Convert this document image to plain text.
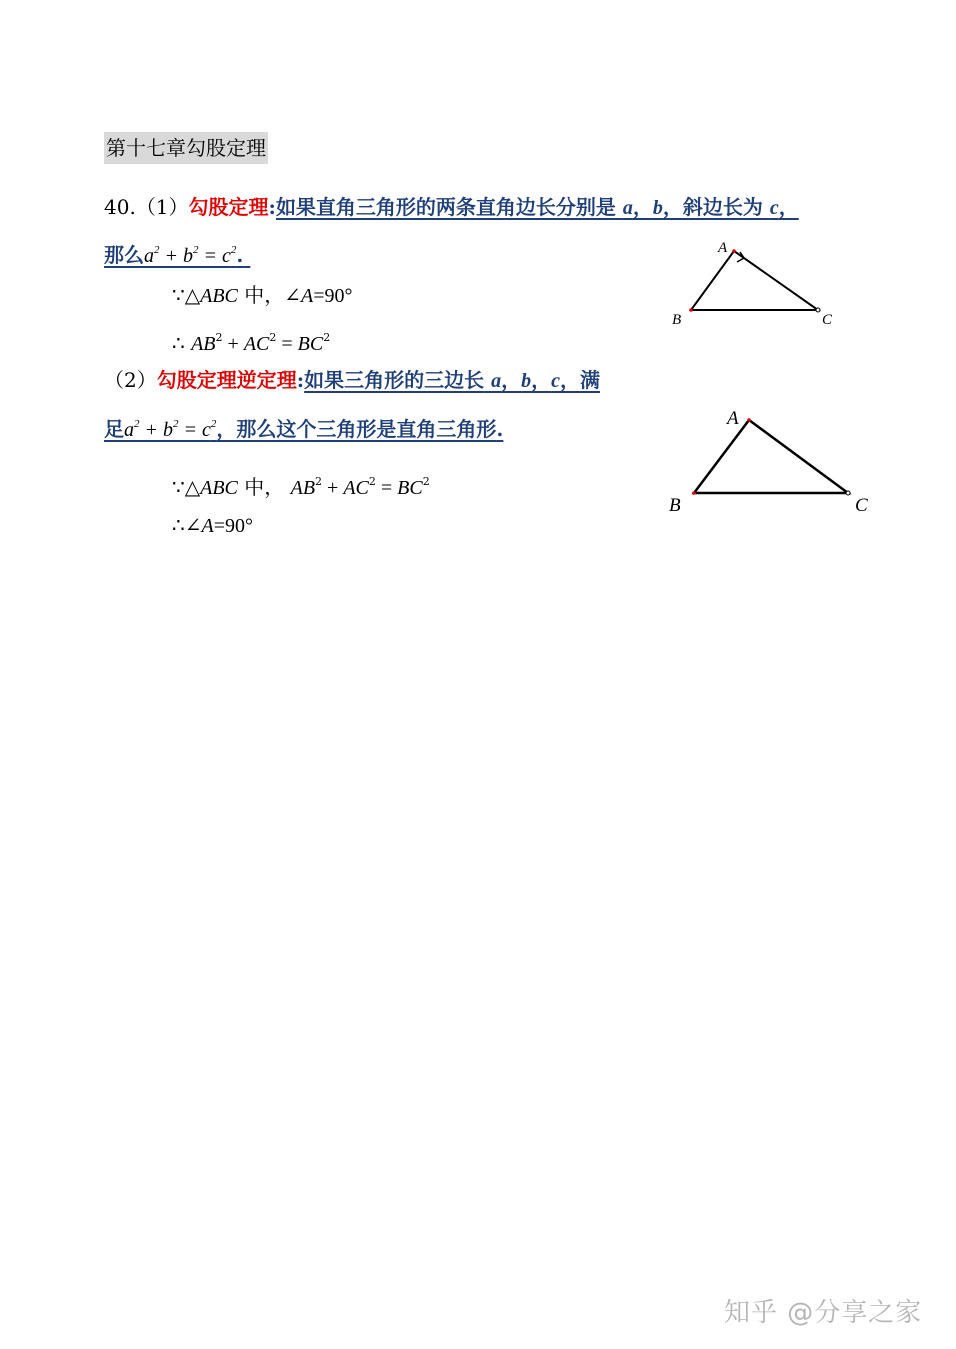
第十七章勾股定理
40.（1）勾股定理:如果直角三角形的两条直角边长分别是 a，b，斜边长为 c，
那么$a^2 + b^2 = c^2$.
∵△ABC 中，∠A=90°
∴ $AB^2 + AC^2 = BC^2$
（2）勾股定理逆定理:如果三角形的三边长 a，b，c，满
足$a^2 + b^2 = c^2$，那么这个三角形是直角三角形.
∵△ABC 中， $AB^2 + AC^2 = BC^2$
∴∠A=90°
A
B	C
A
B	C
知乎 @分享之家
